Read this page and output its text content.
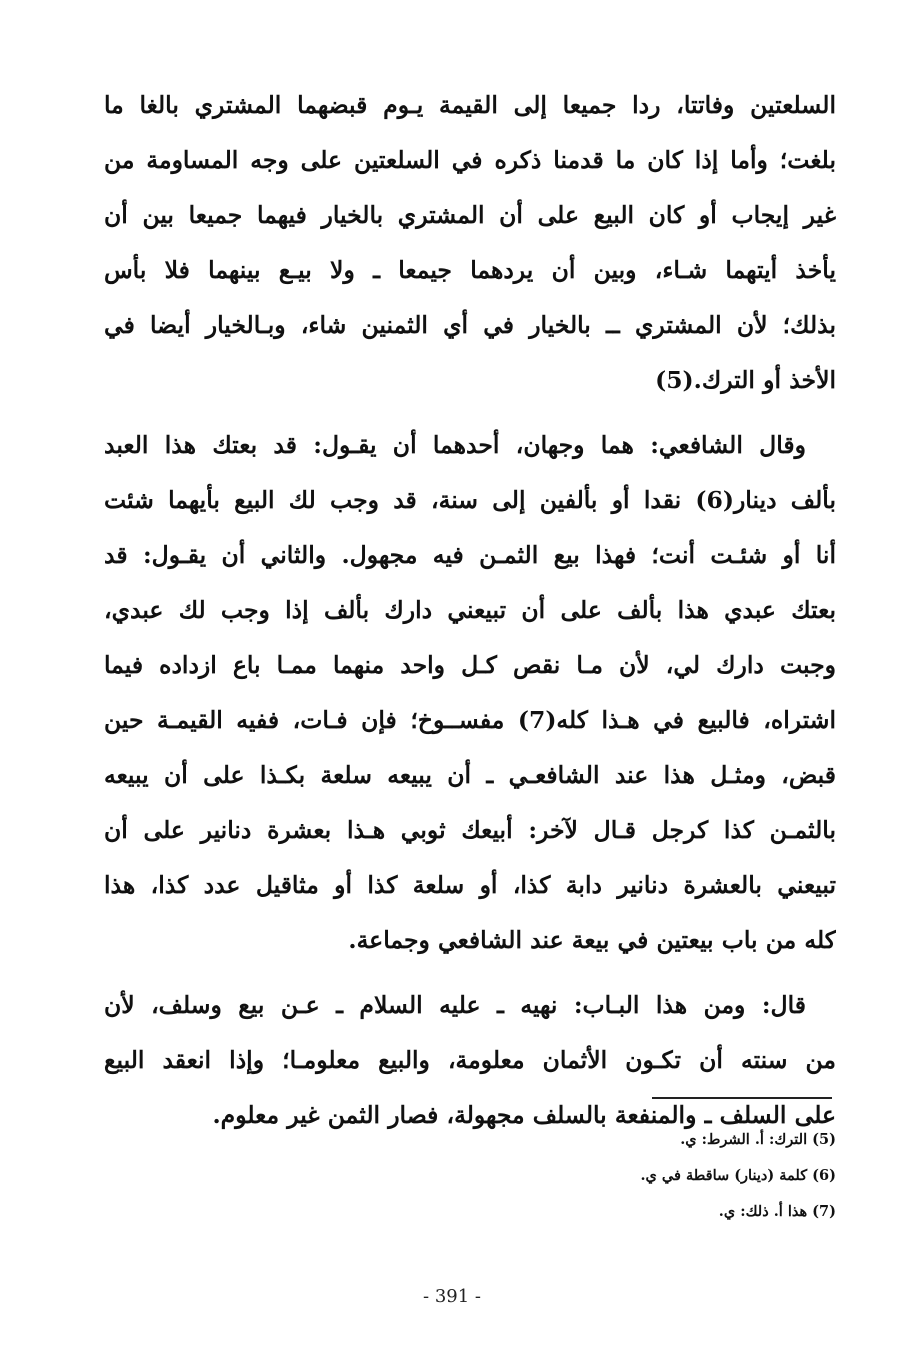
السلعتين وفاتتا، ردا جميعا إلى القيمة يـوم قبضهما المشتري بالغا ما
بلغت؛ وأما إذا كان ما قدمنا ذكره في السلعتين على وجه المساومة من
غير إيجاب أو كان البيع على أن المشتري بالخيار فيهما جميعا بين أن
يأخذ أيتهما شـاء، وبين أن يردهما جيمعا ـ ولا بيـع بينهما فلا بأس
بذلك؛ لأن المشتري ــ بالخيار في أي الثمنين شاء، وبـالخيار أيضا في
الأخذ أو الترك.(5)
وقال الشافعي: هما وجهان، أحدهما أن يقـول: قد بعتك هذا العبد
بألف دينار(6) نقدا أو بألفين إلى سنة، قد وجب لك البيع بأيهما شئت
أنا أو شئـت أنت؛ فهذا بيع الثمـن فيه مجهول. والثاني أن يقـول: قد
بعتك عبدي هذا بألف على أن تبيعني دارك بألف إذا وجب لك عبدي،
وجبت دارك لي، لأن مـا نقص كـل واحد منهما ممـا باع ازداده فيما
اشتراه، فالبيع في هـذا كله(7) مفســوخ؛ فإن فـات، ففيه القيمـة حين
قبض، ومثـل هذا عند الشافعـي ـ أن يبيعه سلعة بكـذا على أن يبيعه
بالثمـن كذا كرجل قـال لآخر: أبيعك ثوبي هـذا بعشرة دنانير على أن
تبيعني بالعشرة دنانير دابة كذا، أو سلعة كذا أو مثاقيل عدد كذا، هذا
كله من باب بيعتين في بيعة عند الشافعي وجماعة.
قال: ومن هذا البـاب: نهيه ـ عليه السلام ـ عـن بيع وسلف، لأن
من سنته أن تكـون الأثمان معلومة، والبيع معلومـا؛ وإذا انعقد البيع
على السلف ـ والمنفعة بالسلف مجهولة، فصار الثمن غير معلوم.
(5) الترك: أ. الشرط: ي.
(6) كلمة (دينار) ساقطة في ي.
(7) هذا أ. ذلك: ي.
- 391 -
